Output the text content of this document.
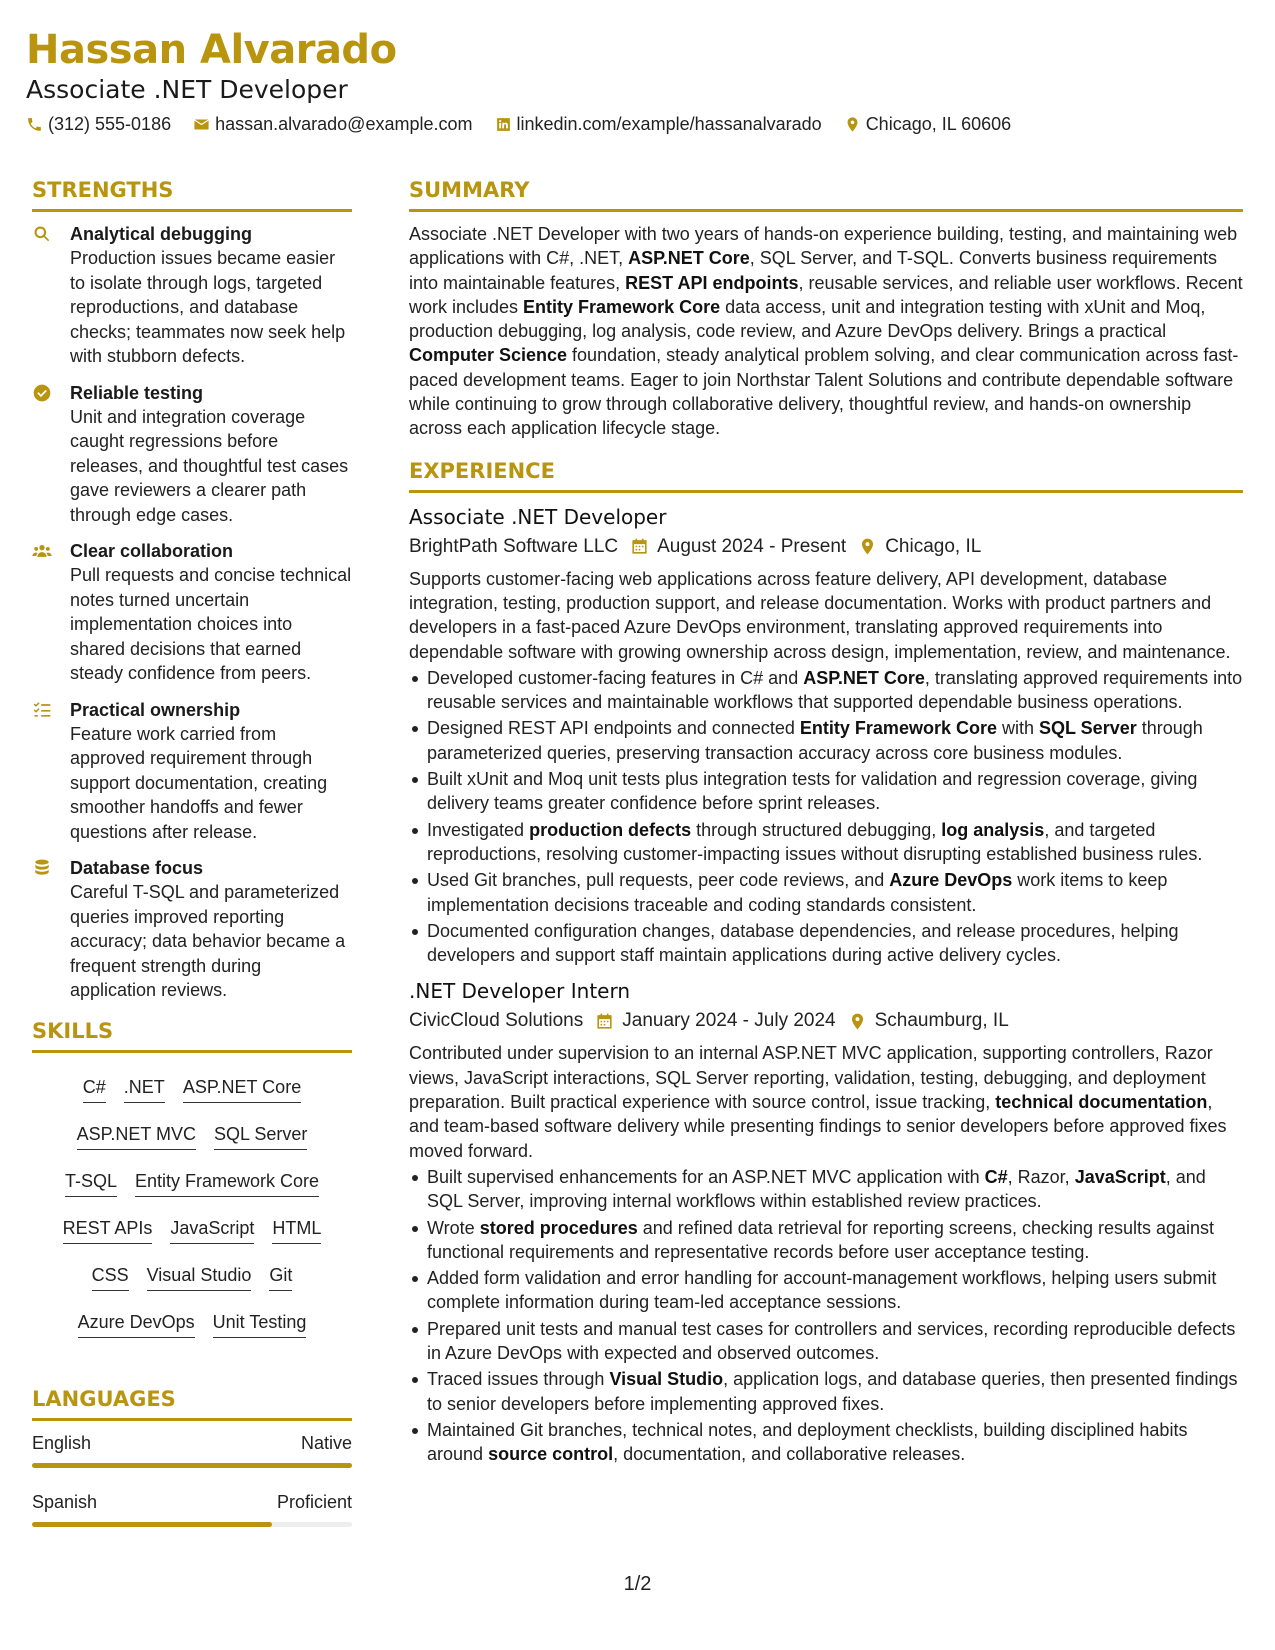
Hassan Alvarado
Associate .NET Developer
(312) 555-0186 hassan.alvarado@example.com linkedin.com/example/hassanalvarado Chicago, IL 60606
STRENGTHS
Analytical debugging
Production issues became easier to isolate through logs, targeted reproductions, and database checks; teammates now seek help with stubborn defects.
Reliable testing
Unit and integration coverage caught regressions before releases, and thoughtful test cases gave reviewers a clearer path through edge cases.
Clear collaboration
Pull requests and concise technical notes turned uncertain implementation choices into shared decisions that earned steady confidence from peers.
Practical ownership
Feature work carried from approved requirement through support documentation, creating smoother handoffs and fewer questions after release.
Database focus
Careful T-SQL and parameterized queries improved reporting accuracy; data behavior became a frequent strength during application reviews.
SKILLS
C# .NET ASP.NET Core
ASP.NET MVC SQL Server
T-SQL Entity Framework Core
REST APIs JavaScript HTML
CSS Visual Studio Git
Azure DevOps Unit Testing
LANGUAGES
English	Native
Spanish	Proficient
SUMMARY
Associate .NET Developer with two years of hands-on experience building, testing, and maintaining web applications with C#, .NET, ASP.NET Core, SQL Server, and T-SQL. Converts business requirements into maintainable features, REST API endpoints, reusable services, and reliable user workflows. Recent work includes Entity Framework Core data access, unit and integration testing with xUnit and Moq, production debugging, log analysis, code review, and Azure DevOps delivery. Brings a practical Computer Science foundation, steady analytical problem solving, and clear communication across fast-paced development teams. Eager to join Northstar Talent Solutions and contribute dependable software while continuing to grow through collaborative delivery, thoughtful review, and hands-on ownership across each application lifecycle stage.
EXPERIENCE
Associate .NET Developer
BrightPath Software LLC August 2024 - Present Chicago, IL
Supports customer-facing web applications across feature delivery, API development, database integration, testing, production support, and release documentation. Works with product partners and developers in a fast-paced Azure DevOps environment, translating approved requirements into dependable software with growing ownership across design, implementation, review, and maintenance.
Developed customer-facing features in C# and ASP.NET Core, translating approved requirements into reusable services and maintainable workflows that supported dependable business operations.
Designed REST API endpoints and connected Entity Framework Core with SQL Server through parameterized queries, preserving transaction accuracy across core business modules.
Built xUnit and Moq unit tests plus integration tests for validation and regression coverage, giving delivery teams greater confidence before sprint releases.
Investigated production defects through structured debugging, log analysis, and targeted reproductions, resolving customer-impacting issues without disrupting established business rules.
Used Git branches, pull requests, peer code reviews, and Azure DevOps work items to keep implementation decisions traceable and coding standards consistent.
Documented configuration changes, database dependencies, and release procedures, helping developers and support staff maintain applications during active delivery cycles.
.NET Developer Intern
CivicCloud Solutions January 2024 - July 2024 Schaumburg, IL
Contributed under supervision to an internal ASP.NET MVC application, supporting controllers, Razor views, JavaScript interactions, SQL Server reporting, validation, testing, debugging, and deployment preparation. Built practical experience with source control, issue tracking, technical documentation, and team-based software delivery while presenting findings to senior developers before approved fixes moved forward.
Built supervised enhancements for an ASP.NET MVC application with C#, Razor, JavaScript, and SQL Server, improving internal workflows within established review practices.
Wrote stored procedures and refined data retrieval for reporting screens, checking results against functional requirements and representative records before user acceptance testing.
Added form validation and error handling for account-management workflows, helping users submit complete information during team-led acceptance sessions.
Prepared unit tests and manual test cases for controllers and services, recording reproducible defects in Azure DevOps with expected and observed outcomes.
Traced issues through Visual Studio, application logs, and database queries, then presented findings to senior developers before implementing approved fixes.
Maintained Git branches, technical notes, and deployment checklists, building disciplined habits around source control, documentation, and collaborative releases.
1/2
